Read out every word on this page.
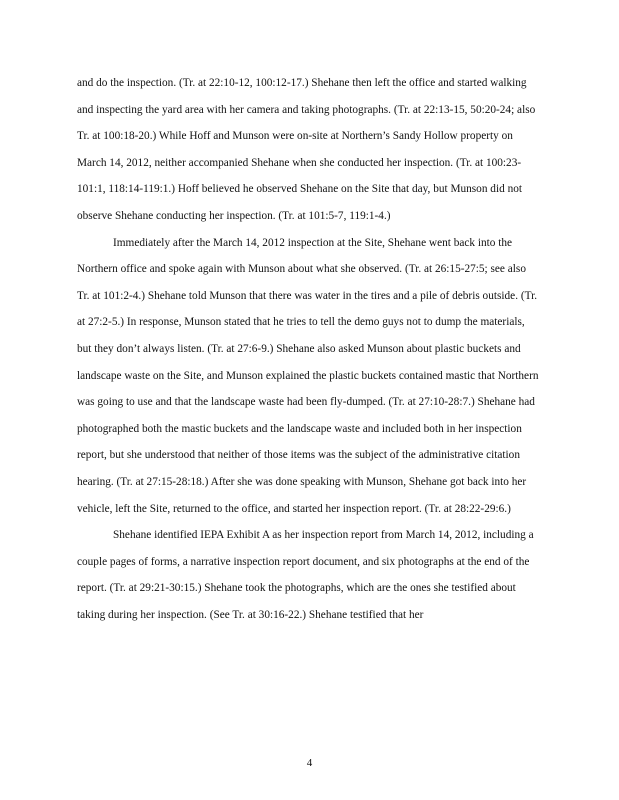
and do the inspection. (Tr. at 22:10-12, 100:12-17.) Shehane then left the office and started walking and inspecting the yard area with her camera and taking photographs. (Tr. at 22:13-15, 50:20-24; also Tr. at 100:18-20.) While Hoff and Munson were on-site at Northern’s Sandy Hollow property on March 14, 2012, neither accompanied Shehane when she conducted her inspection. (Tr. at 100:23-101:1, 118:14-119:1.) Hoff believed he observed Shehane on the Site that day, but Munson did not observe Shehane conducting her inspection. (Tr. at 101:5-7, 119:1-4.)

Immediately after the March 14, 2012 inspection at the Site, Shehane went back into the Northern office and spoke again with Munson about what she observed. (Tr. at 26:15-27:5; see also Tr. at 101:2-4.) Shehane told Munson that there was water in the tires and a pile of debris outside. (Tr. at 27:2-5.) In response, Munson stated that he tries to tell the demo guys not to dump the materials, but they don’t always listen. (Tr. at 27:6-9.) Shehane also asked Munson about plastic buckets and landscape waste on the Site, and Munson explained the plastic buckets contained mastic that Northern was going to use and that the landscape waste had been fly-dumped. (Tr. at 27:10-28:7.) Shehane had photographed both the mastic buckets and the landscape waste and included both in her inspection report, but she understood that neither of those items was the subject of the administrative citation hearing. (Tr. at 27:15-28:18.) After she was done speaking with Munson, Shehane got back into her vehicle, left the Site, returned to the office, and started her inspection report. (Tr. at 28:22-29:6.)

Shehane identified IEPA Exhibit A as her inspection report from March 14, 2012, including a couple pages of forms, a narrative inspection report document, and six photographs at the end of the report. (Tr. at 29:21-30:15.) Shehane took the photographs, which are the ones she testified about taking during her inspection. (See Tr. at 30:16-22.) Shehane testified that her

4
